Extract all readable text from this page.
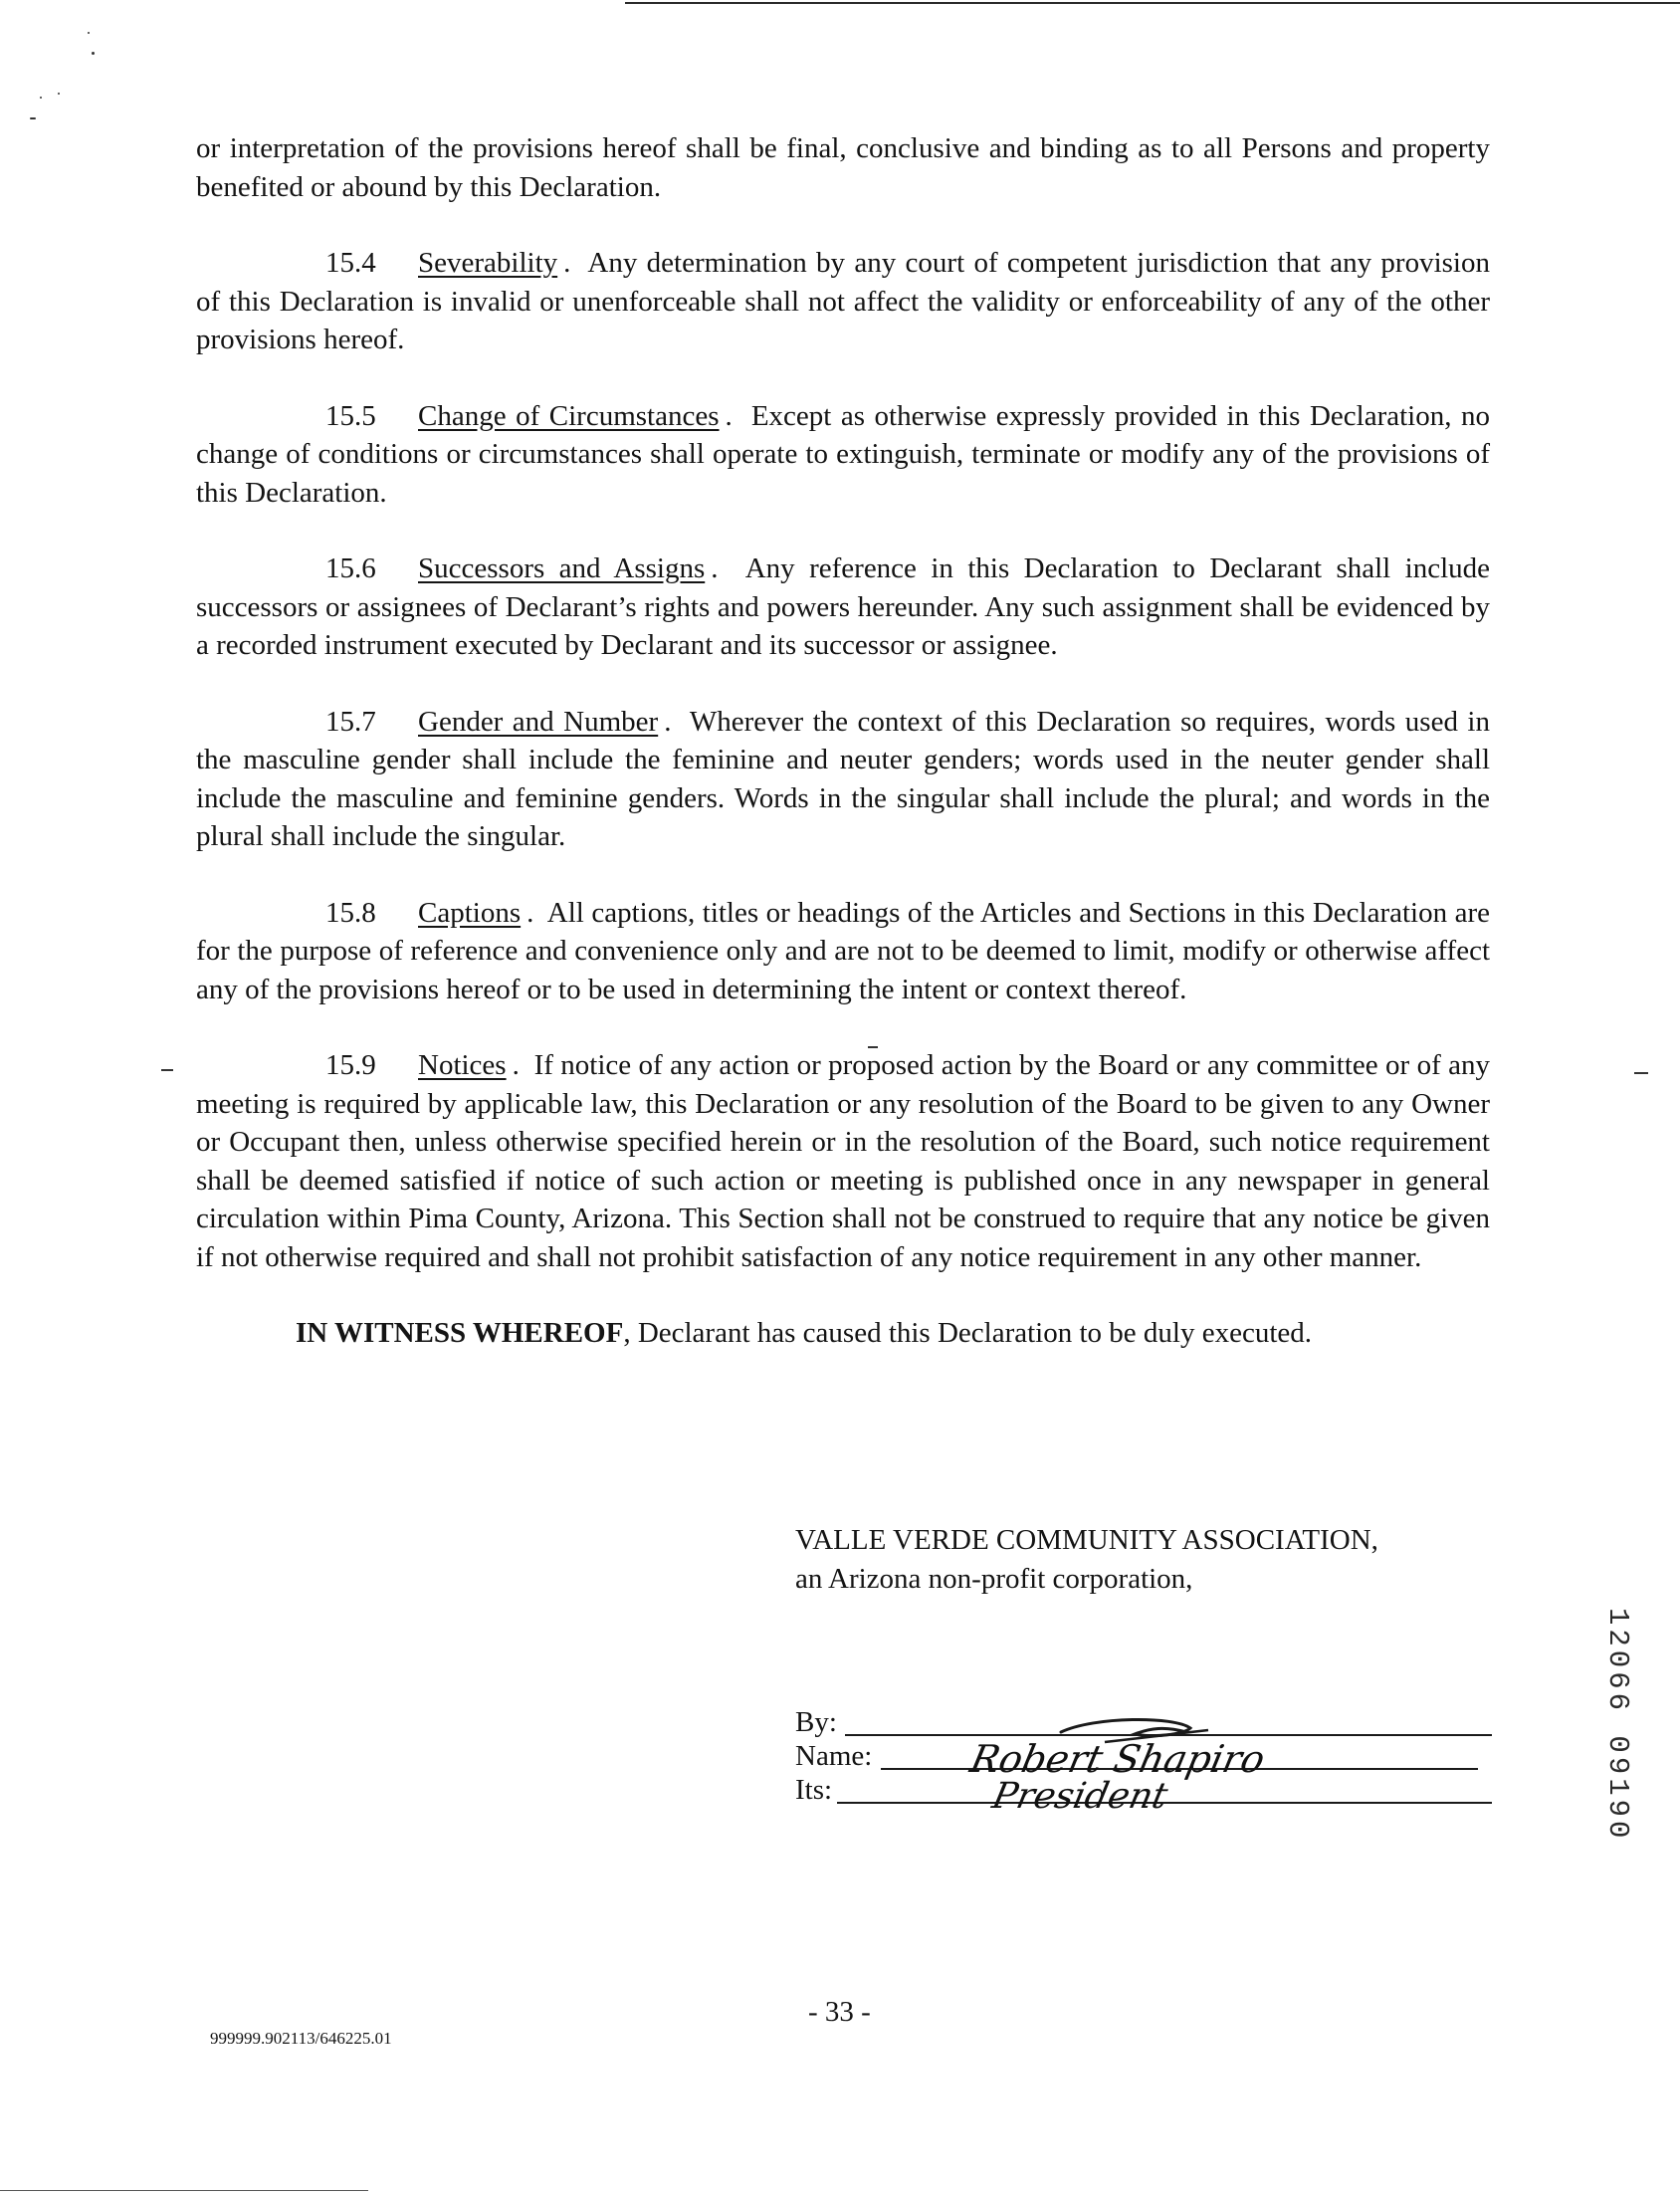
or interpretation of the provisions hereof shall be final, conclusive and binding as to all Persons and property benefited or abound by this Declaration.

15.4 Severability .  Any determination by any court of competent jurisdiction that any provision of this Declaration is invalid or unenforceable shall not affect the validity or enforceability of any of the other provisions hereof.

15.5 Change of Circumstances .  Except as otherwise expressly provided in this Declaration, no change of conditions or circumstances shall operate to extinguish, terminate or modify any of the provisions of this Declaration.

15.6 Successors and Assigns .  Any reference in this Declaration to Declarant shall include successors or assignees of Declarant’s rights and powers hereunder. Any such assignment shall be evidenced by a recorded instrument executed by Declarant and its successor or assignee.

15.7 Gender and Number .  Wherever the context of this Declaration so requires, words used in the masculine gender shall include the feminine and neuter genders; words used in the neuter gender shall include the masculine and feminine genders. Words in the singular shall include the plural; and words in the plural shall include the singular.

15.8 Captions .  All captions, titles or headings of the Articles and Sections in this Declaration are for the purpose of reference and convenience only and are not to be deemed to limit, modify or otherwise affect any of the provisions hereof or to be used in determining the intent or context thereof.

15.9 Notices .  If notice of any action or proposed action by the Board or any committee or of any meeting is required by applicable law, this Declaration or any resolution of the Board to be given to any Owner or Occupant then, unless otherwise specified herein or in the resolution of the Board, such notice requirement shall be deemed satisfied if notice of such action or meeting is published once in any newspaper in general circulation within Pima County, Arizona. This Section shall not be construed to require that any notice be given if not otherwise required and shall not prohibit satisfaction of any notice requirement in any other manner.

IN WITNESS WHEREOF, Declarant has caused this Declaration to be duly executed.

VALLE VERDE COMMUNITY ASSOCIATION,
an Arizona non-profit corporation,
By:
Name:
Its:
Robert Shapiro
President
- 33 -
999999.902113/646225.01
12066 09190
